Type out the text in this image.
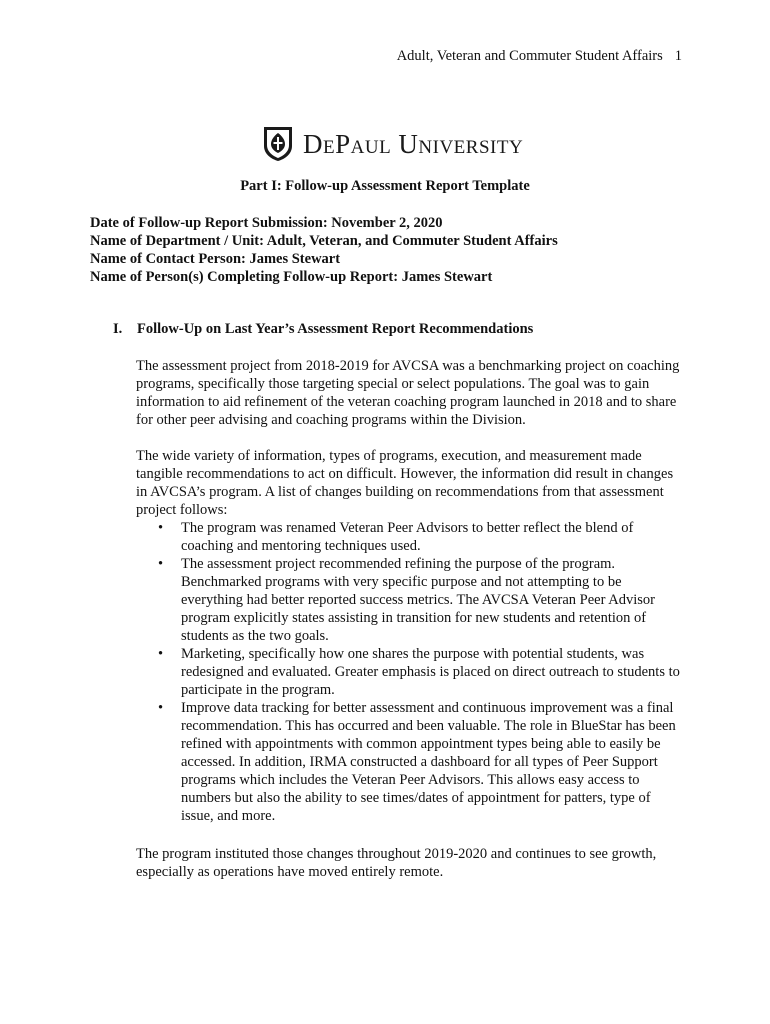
Adult, Veteran and Commuter Student Affairs 1
DePaul University
Part I: Follow-up Assessment Report Template
Date of Follow-up Report Submission: November 2, 2020
Name of Department / Unit: Adult, Veteran, and Commuter Student Affairs
Name of Contact Person: James Stewart
Name of Person(s) Completing Follow-up Report: James Stewart
I. Follow-Up on Last Year’s Assessment Report Recommendations

The assessment project from 2018-2019 for AVCSA was a benchmarking project on coaching programs, specifically those targeting special or select populations. The goal was to gain information to aid refinement of the veteran coaching program launched in 2018 and to share for other peer advising and coaching programs within the Division.

The wide variety of information, types of programs, execution, and measurement made tangible recommendations to act on difficult. However, the information did result in changes in AVCSA’s program. A list of changes building on recommendations from that assessment project follows:

• The program was renamed Veteran Peer Advisors to better reflect the blend of coaching and mentoring techniques used.
• The assessment project recommended refining the purpose of the program. Benchmarked programs with very specific purpose and not attempting to be everything had better reported success metrics. The AVCSA Veteran Peer Advisor program explicitly states assisting in transition for new students and retention of students as the two goals.
• Marketing, specifically how one shares the purpose with potential students, was redesigned and evaluated. Greater emphasis is placed on direct outreach to students to participate in the program.
• Improve data tracking for better assessment and continuous improvement was a final recommendation. This has occurred and been valuable. The role in BlueStar has been refined with appointments with common appointment types being able to easily be accessed. In addition, IRMA constructed a dashboard for all types of Peer Support programs which includes the Veteran Peer Advisors. This allows easy access to numbers but also the ability to see times/dates of appointment for patters, type of issue, and more.

The program instituted those changes throughout 2019-2020 and continues to see growth, especially as operations have moved entirely remote.
